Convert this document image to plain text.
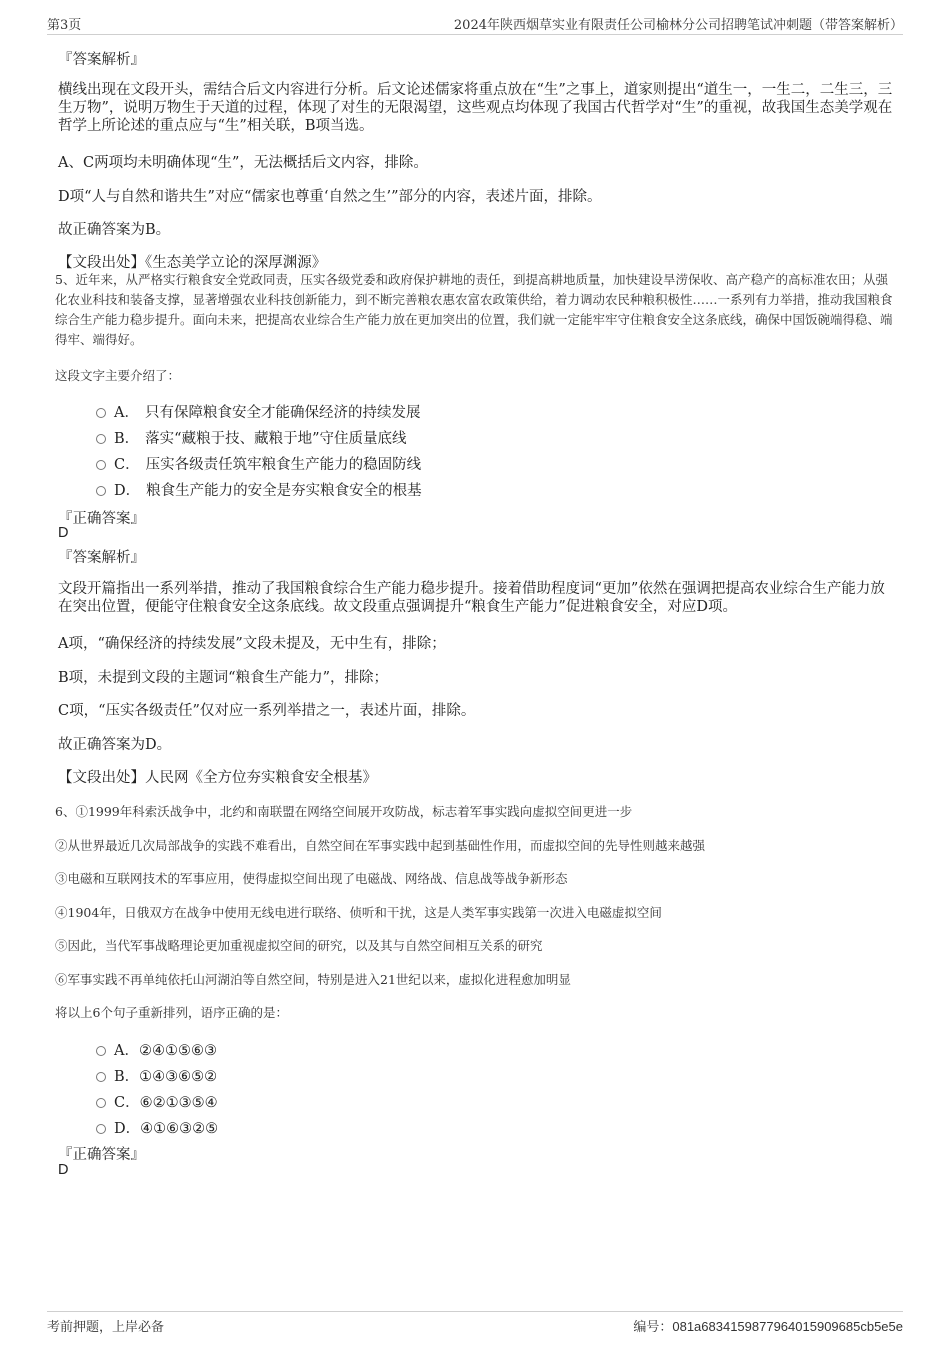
第3页	2024年陕西烟草实业有限责任公司榆林分公司招聘笔试冲刺题（带答案解析）
『答案解析』
横线出现在文段开头，需结合后文内容进行分析。后文论述儒家将重点放在“生”之事上，道家则提出“道生一，一生二，二生三，三生万物”，说明万物生于天道的过程，体现了对生的无限渴望，这些观点均体现了我国古代哲学对“生”的重视，故我国生态美学观在哲学上所论述的重点应与“生”相关联，B项当选。
A、C两项均未明确体现“生”，无法概括后文内容，排除。
D项“人与自然和谐共生”对应“儒家也尊重‘自然之生’”部分的内容，表述片面，排除。
故正确答案为B。
【文段出处】《生态美学立论的深厚渊源》
5、近年来，从严格实行粮食安全党政同责，压实各级党委和政府保护耕地的责任，到提高耕地质量，加快建设旱涝保收、高产稳产的高标准农田；从强化农业科技和装备支撑，显著增强农业科技创新能力，到不断完善粮农惠农富农政策供给，着力调动农民种粮积极性……一系列有力举措，推动我国粮食综合生产能力稳步提升。面向未来，把提高农业综合生产能力放在更加突出的位置，我们就一定能牢牢守住粮食安全这条底线，确保中国饭碗端得稳、端得牢、端得好。
这段文字主要介绍了：
A． 只有保障粮食安全才能确保经济的持续发展
B． 落实“藏粮于技、藏粮于地”守住质量底线
C． 压实各级责任筑牢粮食生产能力的稳固防线
D． 粮食生产能力的安全是夯实粮食安全的根基
『正确答案』
D
『答案解析』
文段开篇指出一系列举措，推动了我国粮食综合生产能力稳步提升。接着借助程度词“更加”依然在强调把提高农业综合生产能力放在突出位置，便能守住粮食安全这条底线。故文段重点强调提升“粮食生产能力”促进粮食安全，对应D项。
A项，“确保经济的持续发展”文段未提及，无中生有，排除；
B项，未提到文段的主题词“粮食生产能力”，排除；
C项，“压实各级责任”仅对应一系列举措之一，表述片面，排除。
故正确答案为D。
【文段出处】人民网《全方位夯实粮食安全根基》
6、①1999年科索沃战争中，北约和南联盟在网络空间展开攻防战，标志着军事实践向虚拟空间更进一步
②从世界最近几次局部战争的实践不难看出，自然空间在军事实践中起到基础性作用，而虚拟空间的先导性则越来越强
③电磁和互联网技术的军事应用，使得虚拟空间出现了电磁战、网络战、信息战等战争新形态
④1904年，日俄双方在战争中使用无线电进行联络、侦听和干扰，这是人类军事实践第一次进入电磁虚拟空间
⑤因此，当代军事战略理论更加重视虚拟空间的研究，以及其与自然空间相互关系的研究
⑥军事实践不再单纯依托山河湖泊等自然空间，特别是进入21世纪以来，虚拟化进程愈加明显
将以上6个句子重新排列，语序正确的是：
A．②④①⑤⑥③
B．①④③⑥⑤②
C．⑥②①③⑤④
D．④①⑥③②⑤
『正确答案』
D
考前押题，上岸必备	编号：081a6834159877964015909685cb5e5e
